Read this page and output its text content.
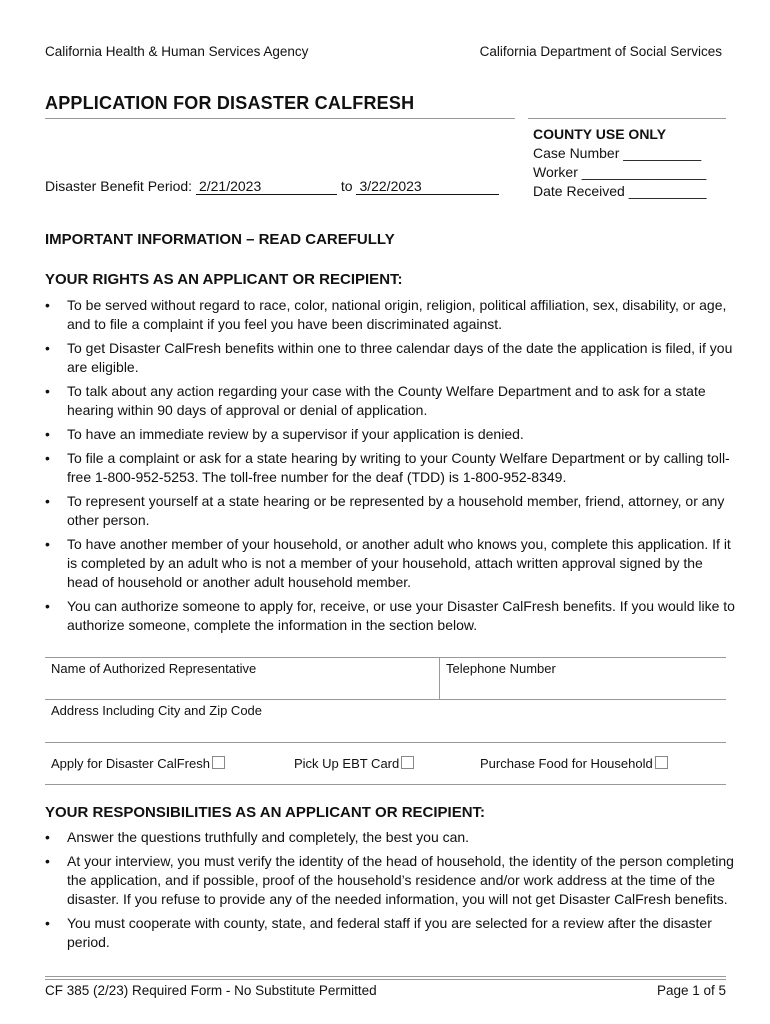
California Health & Human Services Agency	California Department of Social Services
APPLICATION FOR DISASTER CALFRESH
COUNTY USE ONLY
Case Number __________
Worker ________________
Date Received __________
Disaster Benefit Period: 2/21/2023	to 3/22/2023
IMPORTANT INFORMATION – READ CAREFULLY
YOUR RIGHTS AS AN APPLICANT OR RECIPIENT:
• To be served without regard to race, color, national origin, religion, political affiliation, sex, disability, or age, and to file a complaint if you feel you have been discriminated against.
• To get Disaster CalFresh benefits within one to three calendar days of the date the application is filed, if you are eligible.
• To talk about any action regarding your case with the County Welfare Department and to ask for a state hearing within 90 days of approval or denial of application.
• To have an immediate review by a supervisor if your application is denied.
• To file a complaint or ask for a state hearing by writing to your County Welfare Department or by calling toll-free 1-800-952-5253. The toll-free number for the deaf (TDD) is 1-800-952-8349.
• To represent yourself at a state hearing or be represented by a household member, friend, attorney, or any other person.
• To have another member of your household, or another adult who knows you, complete this application. If it is completed by an adult who is not a member of your household, attach written approval signed by the head of household or another adult household member.
• You can authorize someone to apply for, receive, or use your Disaster CalFresh benefits. If you would like to authorize someone, complete the information in the section below.
Name of Authorized Representative	Telephone Number
Address Including City and Zip Code
Apply for Disaster CalFresh	Pick Up EBT Card	Purchase Food for Household
YOUR RESPONSIBILITIES AS AN APPLICANT OR RECIPIENT:
• Answer the questions truthfully and completely, the best you can.
• At your interview, you must verify the identity of the head of household, the identity of the person completing the application, and if possible, proof of the household’s residence and/or work address at the time of the disaster. If you refuse to provide any of the needed information, you will not get Disaster CalFresh benefits.
• You must cooperate with county, state, and federal staff if you are selected for a review after the disaster period.
CF 385 (2/23) Required Form - No Substitute Permitted	Page 1 of 5
